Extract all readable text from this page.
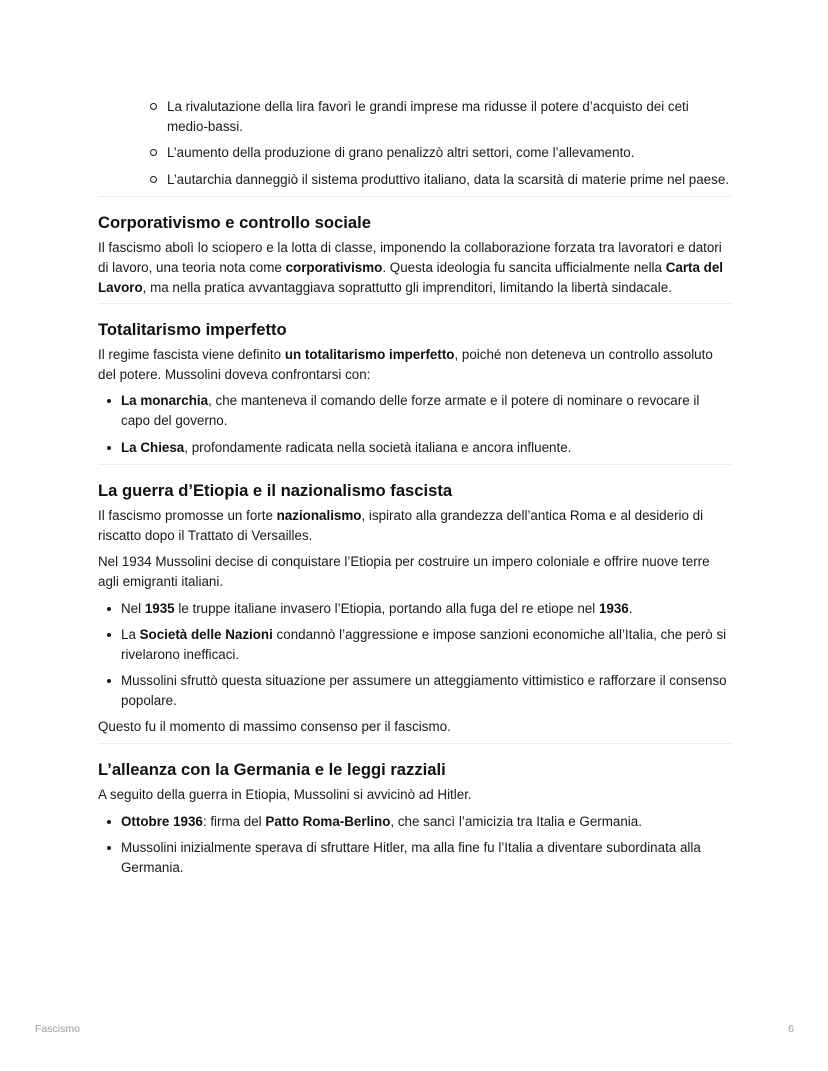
La rivalutazione della lira favorì le grandi imprese ma ridusse il potere d’acquisto dei ceti medio-bassi.
L’aumento della produzione di grano penalizzò altri settori, come l’allevamento.
L’autarchia danneggiò il sistema produttivo italiano, data la scarsità di materie prime nel paese.
Corporativismo e controllo sociale

Il fascismo abolì lo sciopero e la lotta di classe, imponendo la collaborazione forzata tra lavoratori e datori di lavoro, una teoria nota come corporativismo. Questa ideologia fu sancita ufficialmente nella Carta del Lavoro, ma nella pratica avvantaggiava soprattutto gli imprenditori, limitando la libertà sindacale.

Totalitarismo imperfetto

Il regime fascista viene definito un totalitarismo imperfetto, poiché non deteneva un controllo assoluto del potere. Mussolini doveva confrontarsi con:

La monarchia, che manteneva il comando delle forze armate e il potere di nominare o revocare il capo del governo.
La Chiesa, profondamente radicata nella società italiana e ancora influente.
La guerra d’Etiopia e il nazionalismo fascista

Il fascismo promosse un forte nazionalismo, ispirato alla grandezza dell’antica Roma e al desiderio di riscatto dopo il Trattato di Versailles.

Nel 1934 Mussolini decise di conquistare l’Etiopia per costruire un impero coloniale e offrire nuove terre agli emigranti italiani.

Nel 1935 le truppe italiane invasero l’Etiopia, portando alla fuga del re etiope nel 1936.
La Società delle Nazioni condannò l’aggressione e impose sanzioni economiche all’Italia, che però si rivelarono inefficaci.
Mussolini sfruttò questa situazione per assumere un atteggiamento vittimistico e rafforzare il consenso popolare.

Questo fu il momento di massimo consenso per il fascismo.

L’alleanza con la Germania e le leggi razziali

A seguito della guerra in Etiopia, Mussolini si avvicinò ad Hitler.

Ottobre 1936: firma del Patto Roma-Berlino, che sancì l’amicizia tra Italia e Germania.
Mussolini inizialmente sperava di sfruttare Hitler, ma alla fine fu l’Italia a diventare subordinata alla Germania.
Fascismo	6
